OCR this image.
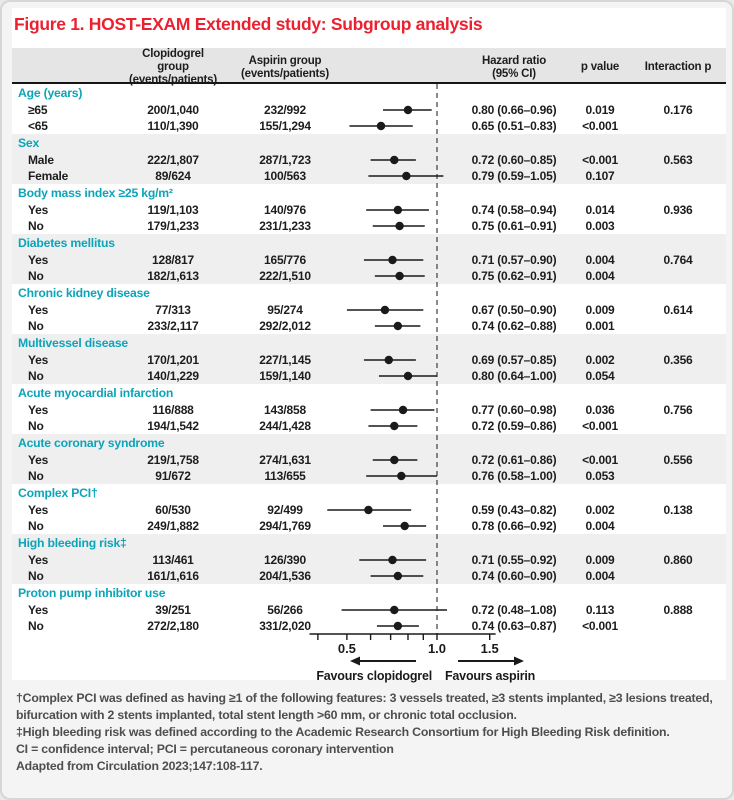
Figure 1. HOST-EXAM Extended study: Subgroup analysis
Clopidogrel group
(events/patients)
Aspirin group
(events/patients)
Hazard ratio
(95% CI)
p value	Interaction p
Age (years)
≥65	200/1,040	232/992	0.80 (0.66–0.96)	0.019	0.176
<65	110/1,390	155/1,294	0.65 (0.51–0.83)	<0.001
Sex
Male	222/1,807	287/1,723	0.72 (0.60–0.85)	<0.001	0.563
Female	89/624	100/563	0.79 (0.59–1.05)	0.107
Body mass index ≥25 kg/m²
Yes	119/1,103	140/976	0.74 (0.58–0.94)	0.014	0.936
No	179/1,233	231/1,233	0.75 (0.61–0.91)	0.003
Diabetes mellitus
Yes	128/817	165/776	0.71 (0.57–0.90)	0.004	0.764
No	182/1,613	222/1,510	0.75 (0.62–0.91)	0.004
Chronic kidney disease
Yes	77/313	95/274	0.67 (0.50–0.90)	0.009	0.614
No	233/2,117	292/2,012	0.74 (0.62–0.88)	0.001
Multivessel disease
Yes	170/1,201	227/1,145	0.69 (0.57–0.85)	0.002	0.356
No	140/1,229	159/1,140	0.80 (0.64–1.00)	0.054
Acute myocardial infarction
Yes	116/888	143/858	0.77 (0.60–0.98)	0.036	0.756
No	194/1,542	244/1,428	0.72 (0.59–0.86)	<0.001
Acute coronary syndrome
Yes	219/1,758	274/1,631	0.72 (0.61–0.86)	<0.001	0.556
No	91/672	113/655	0.76 (0.58–1.00)	0.053
Complex PCI†
Yes	60/530	92/499	0.59 (0.43–0.82)	0.002	0.138
No	249/1,882	294/1,769	0.78 (0.66–0.92)	0.004
High bleeding risk‡
Yes	113/461	126/390	0.71 (0.55–0.92)	0.009	0.860
No	161/1,616	204/1,536	0.74 (0.60–0.90)	0.004
Proton pump inhibitor use
Yes	39/251	56/266	0.72 (0.48–1.08)	0.113	0.888
No	272/2,180	331/2,020	0.74 (0.63–0.87)	<0.001
0.5	1.0	1.5
Favours clopidogrel Favours aspirin

†Complex PCI was defined as having ≥1 of the following features: 3 vessels treated, ≥3 stents implanted, ≥3 lesions treated, bifurcation with 2 stents implanted, total stent length >60 mm, or chronic total occlusion.

‡High bleeding risk was defined according to the Academic Research Consortium for High Bleeding Risk definition.

CI = confidence interval; PCI = percutaneous coronary intervention

Adapted from Circulation 2023;147:108-117.
